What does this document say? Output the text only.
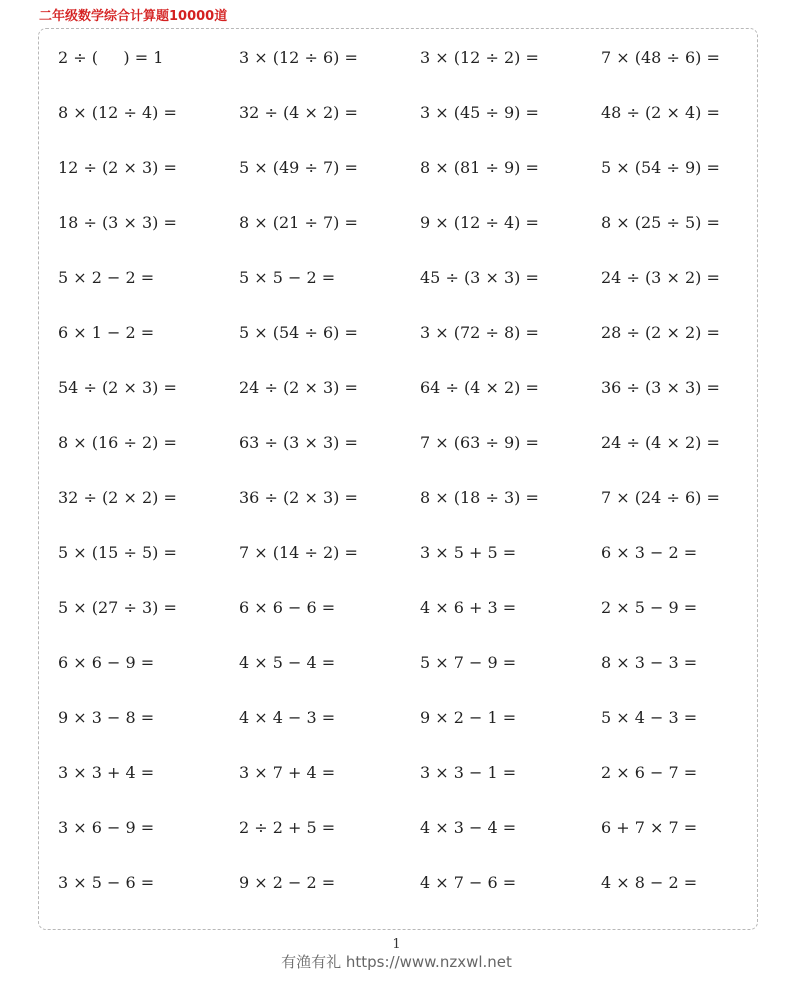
二年级数学综合计算题10000道
2 ÷ (     ) = 1	3 × (12 ÷ 6) =	3 × (12 ÷ 2) =	7 × (48 ÷ 6) =
8 × (12 ÷ 4) =	32 ÷ (4 × 2) =	3 × (45 ÷ 9) =	48 ÷ (2 × 4) =
12 ÷ (2 × 3) =	5 × (49 ÷ 7) =	8 × (81 ÷ 9) =	5 × (54 ÷ 9) =
18 ÷ (3 × 3) =	8 × (21 ÷ 7) =	9 × (12 ÷ 4) =	8 × (25 ÷ 5) =
5 × 2 − 2 =	5 × 5 − 2 =	45 ÷ (3 × 3) =	24 ÷ (3 × 2) =
6 × 1 − 2 =	5 × (54 ÷ 6) =	3 × (72 ÷ 8) =	28 ÷ (2 × 2) =
54 ÷ (2 × 3) =	24 ÷ (2 × 3) =	64 ÷ (4 × 2) =	36 ÷ (3 × 3) =
8 × (16 ÷ 2) =	63 ÷ (3 × 3) =	7 × (63 ÷ 9) =	24 ÷ (4 × 2) =
32 ÷ (2 × 2) =	36 ÷ (2 × 3) =	8 × (18 ÷ 3) =	7 × (24 ÷ 6) =
5 × (15 ÷ 5) =	7 × (14 ÷ 2) =	3 × 5 + 5 =	6 × 3 − 2 =
5 × (27 ÷ 3) =	6 × 6 − 6 =	4 × 6 + 3 =	2 × 5 − 9 =
6 × 6 − 9 =	4 × 5 − 4 =	5 × 7 − 9 =	8 × 3 − 3 =
9 × 3 − 8 =	4 × 4 − 3 =	9 × 2 − 1 =	5 × 4 − 3 =
3 × 3 + 4 =	3 × 7 + 4 =	3 × 3 − 1 =	2 × 6 − 7 =
3 × 6 − 9 =	2 ÷ 2 + 5 =	4 × 3 − 4 =	6 + 7 × 7 =
3 × 5 − 6 =	9 × 2 − 2 =	4 × 7 − 6 =	4 × 8 − 2 =
1
有渔有礼 https://www.nzxwl.net
